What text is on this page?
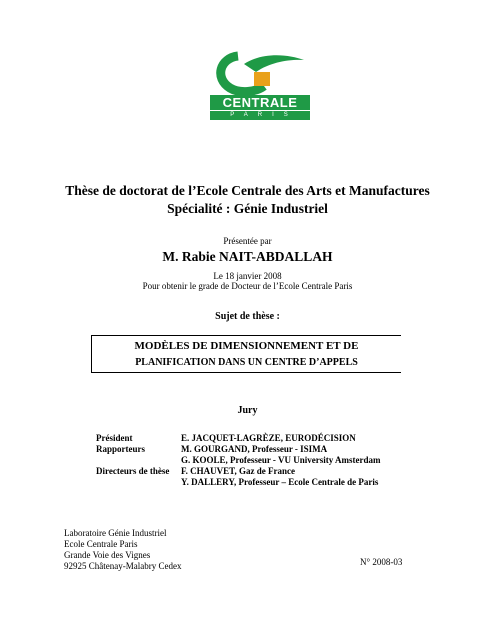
CENTRALE
PARIS
Thèse de doctorat de l’Ecole Centrale des Arts et Manufactures
Spécialité : Génie Industriel
Présentée par
M. Rabie NAIT-ABDALLAH
Le 18 janvier 2008
Pour obtenir le grade de Docteur de l’Ecole Centrale Paris
Sujet de thèse :
MODÈLES DE DIMENSIONNEMENT ET DE
PLANIFICATION DANS UN CENTRE D’APPELS
Jury
Président	E. JACQUET-LAGRÈZE, EURODÉCISION
Rapporteurs	M. GOURGAND, Professeur - ISIMA
G. KOOLE, Professeur - VU University Amsterdam
Directeurs de thèse F. CHAUVET, Gaz de France
Y. DALLERY, Professeur – Ecole Centrale de Paris
Laboratoire Génie Industriel
Ecole Centrale Paris
Grande Voie des Vignes
92925 Châtenay-Malabry Cedex	N° 2008-03
